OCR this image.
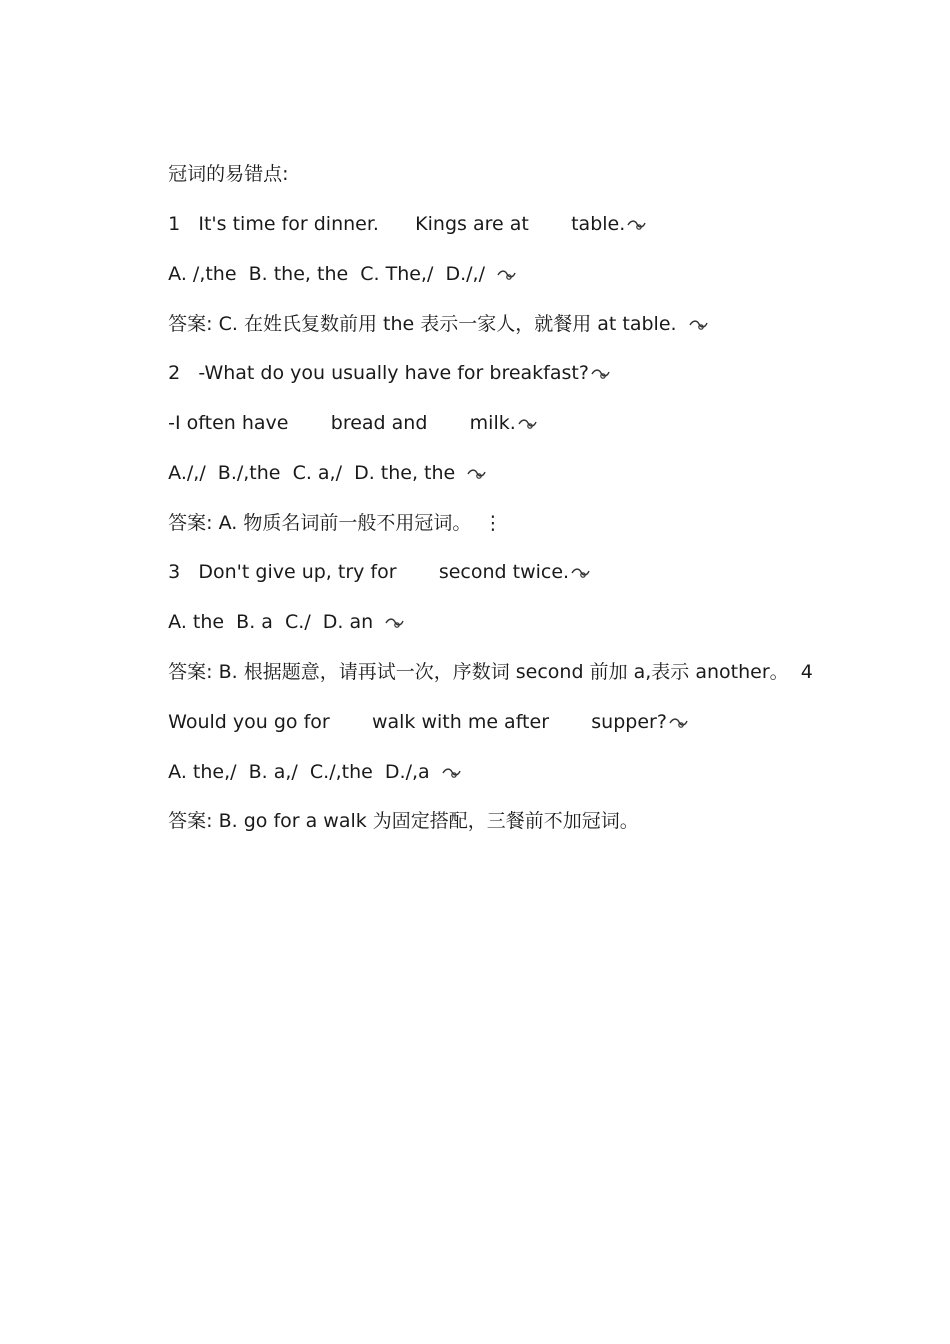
冠词的易错点:

1   It's time for dinner.      Kings are at       table.

A. /,the  B. the, the  C. The,/  D./,/

答案: C. 在姓氏复数前用 the 表示一家人，就餐用 at table.

2   -What do you usually have for breakfast?

-I often have       bread and       milk.

A./,/  B./,the  C. a,/  D. the, the

答案: A. 物质名词前一般不用冠词。  ⋮

3   Don't give up, try for       second twice.

A. the  B. a  C./  D. an

答案: B. 根据题意，请再试一次，序数词 second 前加 a,表示 another。  4

Would you go for       walk with me after       supper?

A. the,/  B. a,/  C./,the  D./,a

答案: B. go for a walk 为固定搭配，三餐前不加冠词。
